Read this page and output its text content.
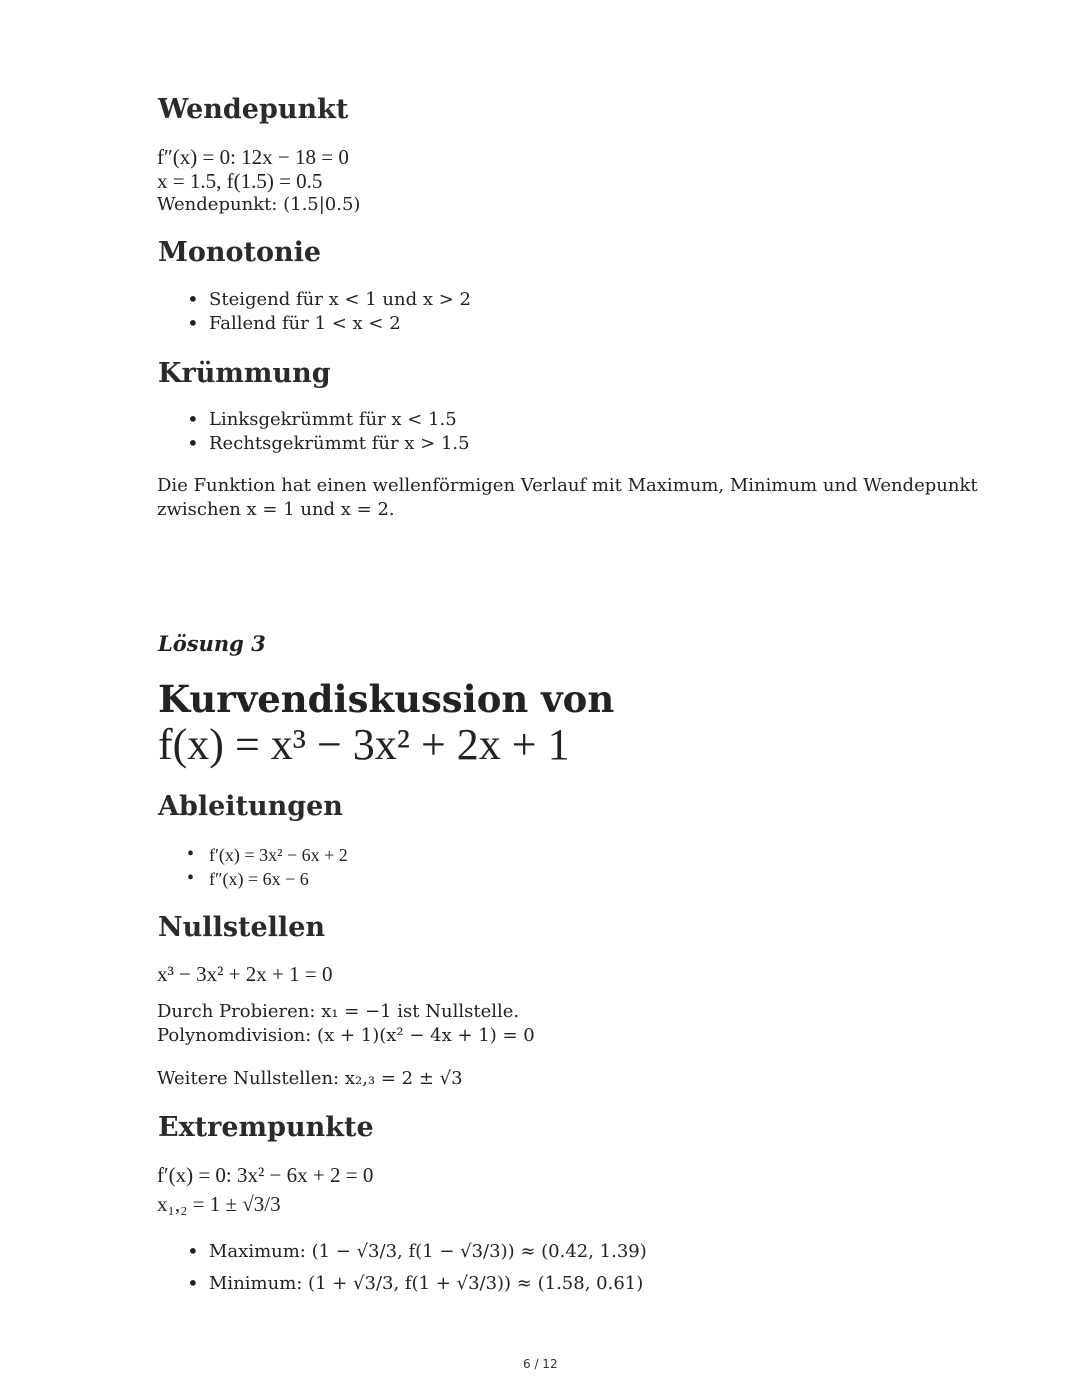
Wendepunkt

f″(x) = 0: 12x − 18 = 0

x = 1.5, f(1.5) = 0.5

Wendepunkt: (1.5|0.5)

Monotonie
• Steigend für x < 1 und x > 2
• Fallend für 1 < x < 2
Krümmung
• Linksgekrümmt für x < 1.5
• Rechtsgekrümmt für x > 1.5

Die Funktion hat einen wellenförmigen Verlauf mit Maximum, Minimum und Wendepunkt

zwischen x = 1 und x = 2.

Lösung 3

Kurvendiskussion von
f(x) = x³ − 3x² + 2x + 1
Ableitungen
• f′(x) = 3x² − 6x + 2
• f″(x) = 6x − 6
Nullstellen

x³ − 3x² + 2x + 1 = 0

Durch Probieren: x₁ = −1 ist Nullstelle.

Polynomdivision: (x + 1)(x² − 4x + 1) = 0

Weitere Nullstellen: x₂,₃ = 2 ± √3

Extrempunkte

f′(x) = 0: 3x² − 6x + 2 = 0

x₁,₂ = 1 ± √3/3

• Maximum: (1 − √3/3, f(1 − √3/3)) ≈ (0.42, 1.39)
• Minimum: (1 + √3/3, f(1 + √3/3)) ≈ (1.58, 0.61)
6 / 12
